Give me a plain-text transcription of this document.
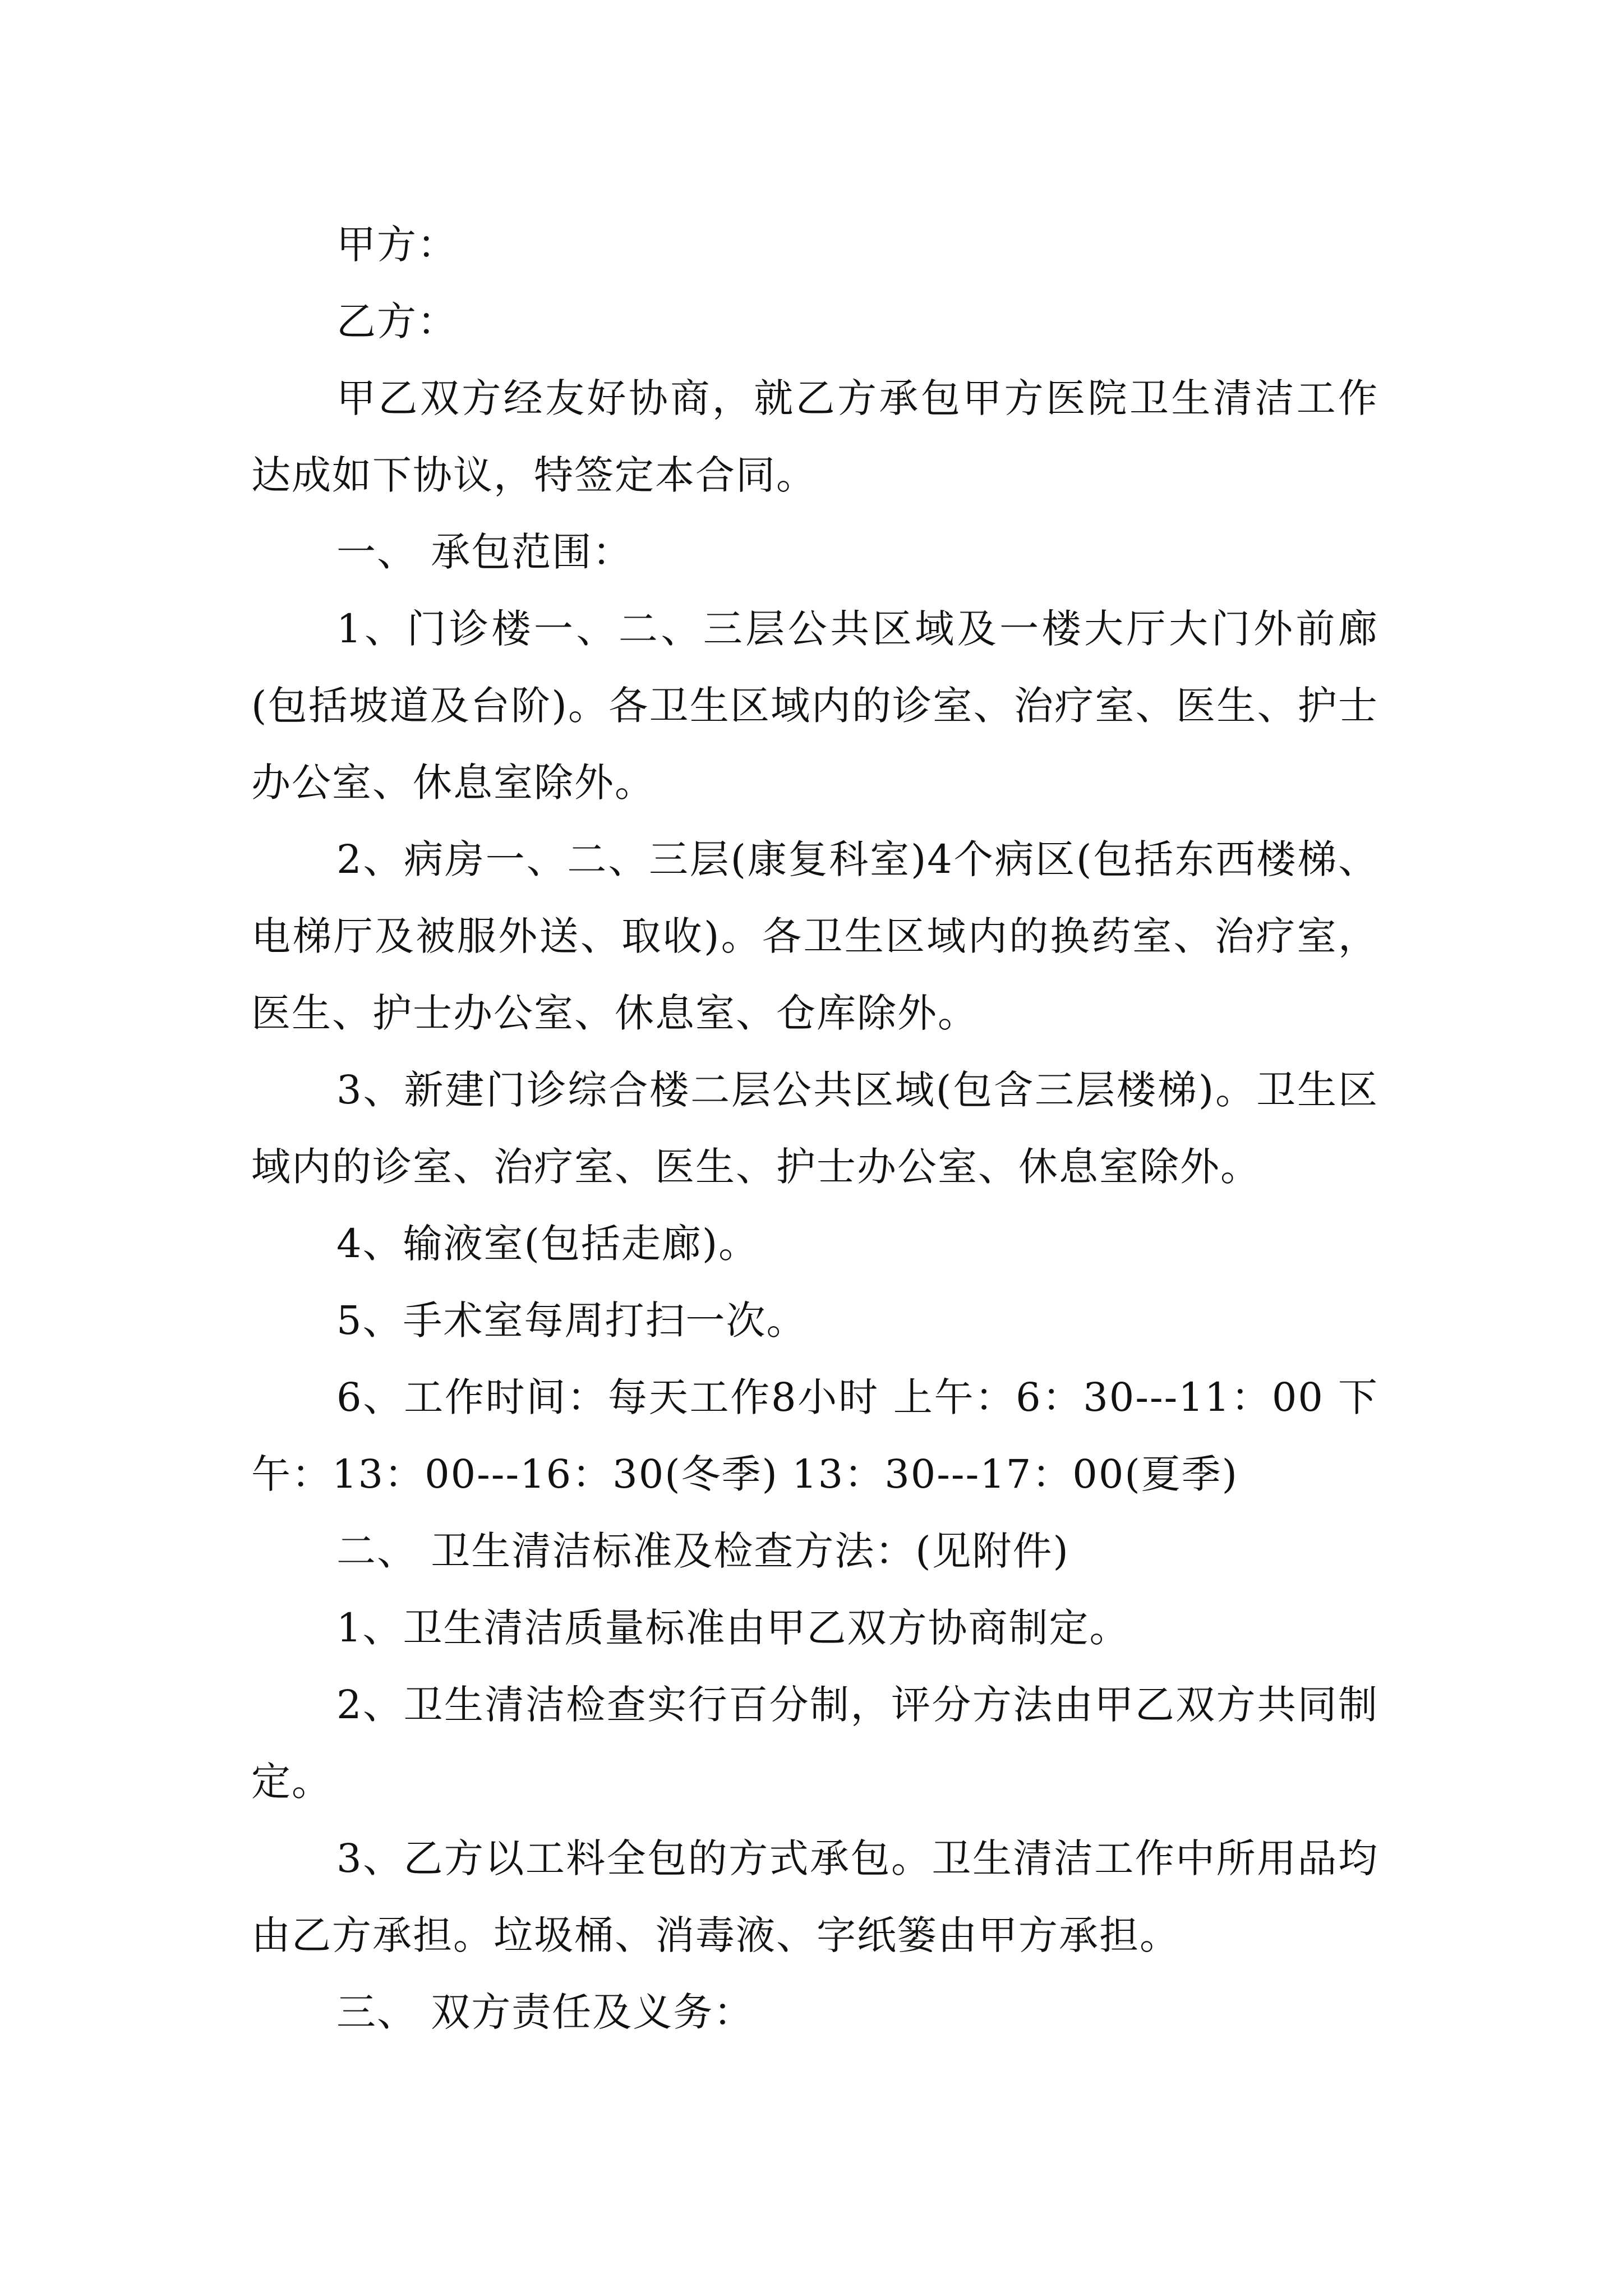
甲方：

乙方：

甲乙双方经友好协商，就乙方承包甲方医院卫生清洁工作达成如下协议，特签定本合同。

一、 承包范围：

1、门诊楼一、二、三层公共区域及一楼大厅大门外前廊(包括坡道及台阶)。各卫生区域内的诊室、治疗室、医生、护士办公室、休息室除外。

2、病房一、二、三层(康复科室)4个病区(包括东西楼梯、电梯厅及被服外送、取收)。各卫生区域内的换药室、治疗室，医生、护士办公室、休息室、仓库除外。

3、新建门诊综合楼二层公共区域(包含三层楼梯)。卫生区域内的诊室、治疗室、医生、护士办公室、休息室除外。

4、输液室(包括走廊)。

5、手术室每周打扫一次。

6、工作时间：每天工作8小时 上午：6：30---11：00 下午：13：00---16：30(冬季) 13：30---17：00(夏季)

二、 卫生清洁标准及检查方法：(见附件)

1、卫生清洁质量标准由甲乙双方协商制定。

2、卫生清洁检查实行百分制，评分方法由甲乙双方共同制定。

3、乙方以工料全包的方式承包。卫生清洁工作中所用品均由乙方承担。垃圾桶、消毒液、字纸篓由甲方承担。

三、 双方责任及义务：
